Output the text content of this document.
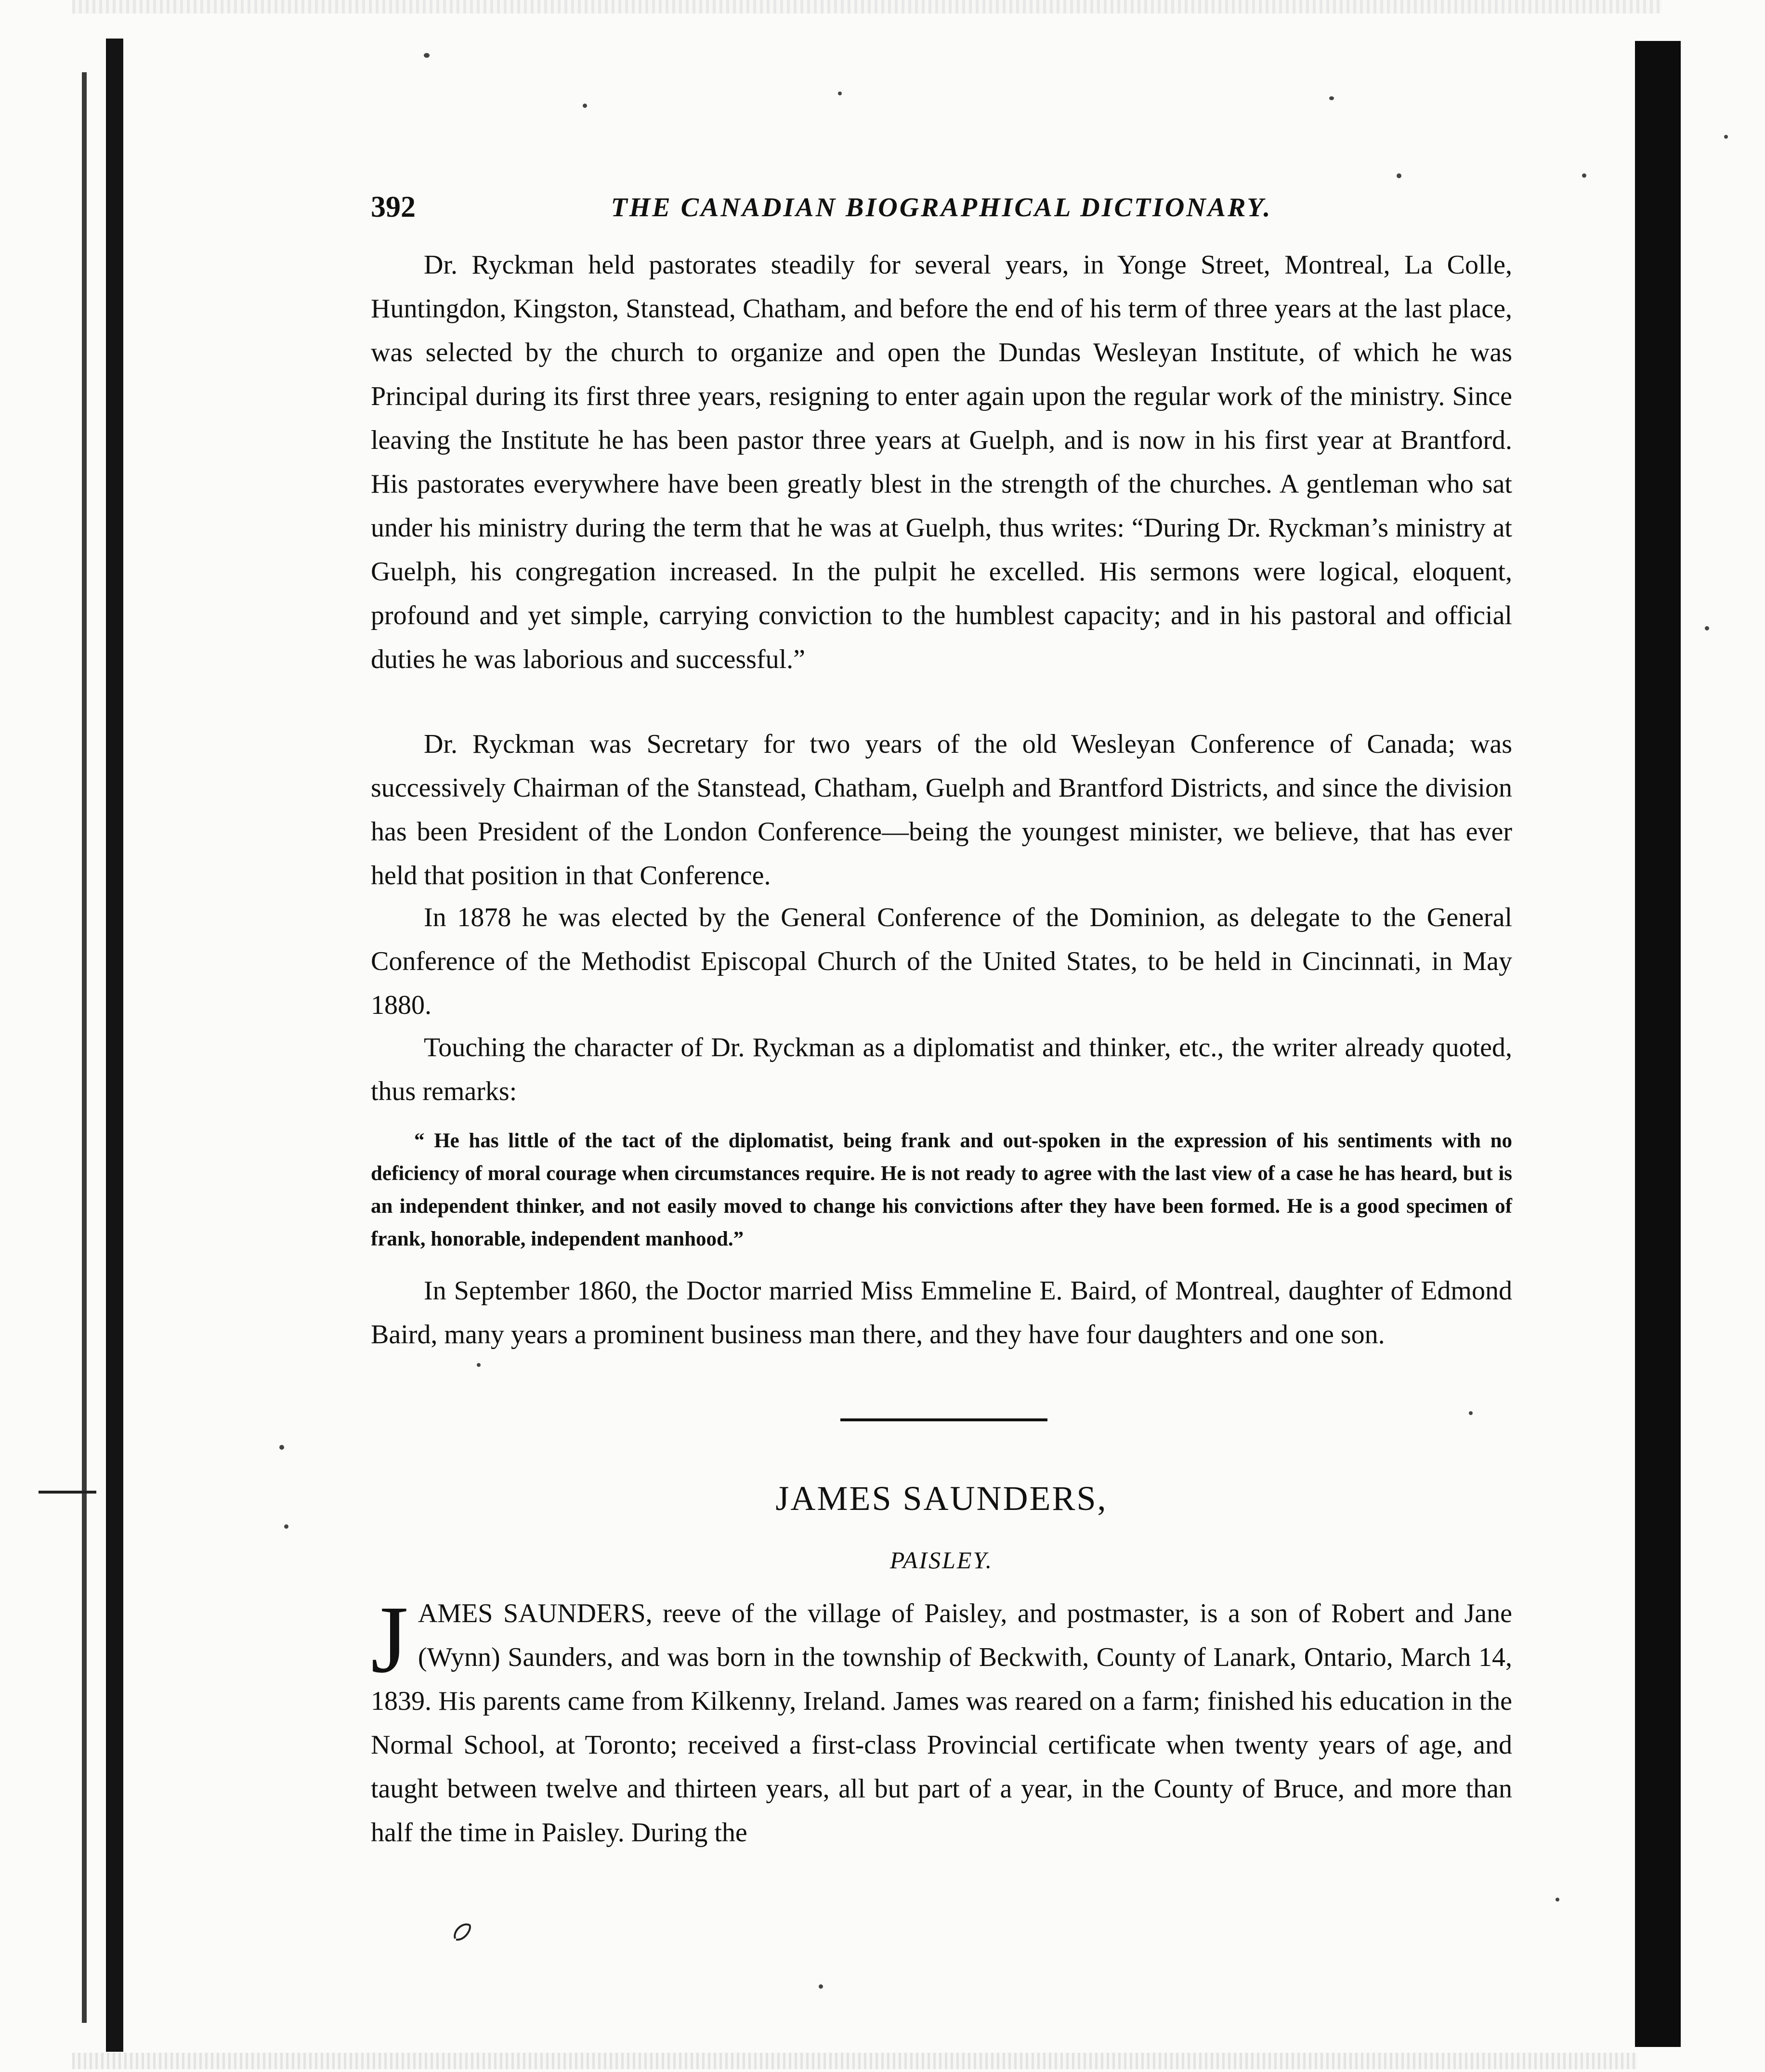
392	THE CANADIAN BIOGRAPHICAL DICTIONARY.

Dr. Ryckman held pastorates steadily for several years, in Yonge Street, Montreal, La Colle, Huntingdon, Kingston, Stanstead, Chatham, and before the end of his term of three years at the last place, was selected by the church to organize and open the Dundas Wesleyan Institute, of which he was Principal during its first three years, resigning to enter again upon the regular work of the ministry. Since leaving the Institute he has been pastor three years at Guelph, and is now in his first year at Brantford. His pastorates everywhere have been greatly blest in the strength of the churches. A gentleman who sat under his ministry during the term that he was at Guelph, thus writes: “During Dr. Ryckman’s ministry at Guelph, his congregation increased. In the pulpit he excelled. His sermons were logical, eloquent, profound and yet simple, carrying conviction to the humblest capacity; and in his pastoral and official duties he was laborious and successful.”

Dr. Ryckman was Secretary for two years of the old Wesleyan Conference of Canada; was successively Chairman of the Stanstead, Chatham, Guelph and Brantford Districts, and since the division has been President of the London Conference—being the youngest minister, we believe, that has ever held that position in that Conference.

In 1878 he was elected by the General Conference of the Dominion, as delegate to the General Conference of the Methodist Episcopal Church of the United States, to be held in Cincinnati, in May 1880.

Touching the character of Dr. Ryckman as a diplomatist and thinker, etc., the writer already quoted, thus remarks:

“ He has little of the tact of the diplomatist, being frank and out-spoken in the expression of his sentiments with no deficiency of moral courage when circumstances require. He is not ready to agree with the last view of a case he has heard, but is an independent thinker, and not easily moved to change his convictions after they have been formed. He is a good specimen of frank, honorable, independent manhood.”

In September 1860, the Doctor married Miss Emmeline E. Baird, of Montreal, daughter of Edmond Baird, many years a prominent business man there, and they have four daughters and one son.

JAMES SAUNDERS,
PAISLEY.
JAMES SAUNDERS, reeve of the village of Paisley, and postmaster, is a son of Robert and Jane (Wynn) Saunders, and was born in the township of Beckwith, County of Lanark, Ontario, March 14, 1839. His parents came from Kilkenny, Ireland. James was reared on a farm; finished his education in the Normal School, at Toronto; received a first-class Provincial certificate when twenty years of age, and taught between twelve and thirteen years, all but part of a year, in the County of Bruce, and more than half the time in Paisley. During the
